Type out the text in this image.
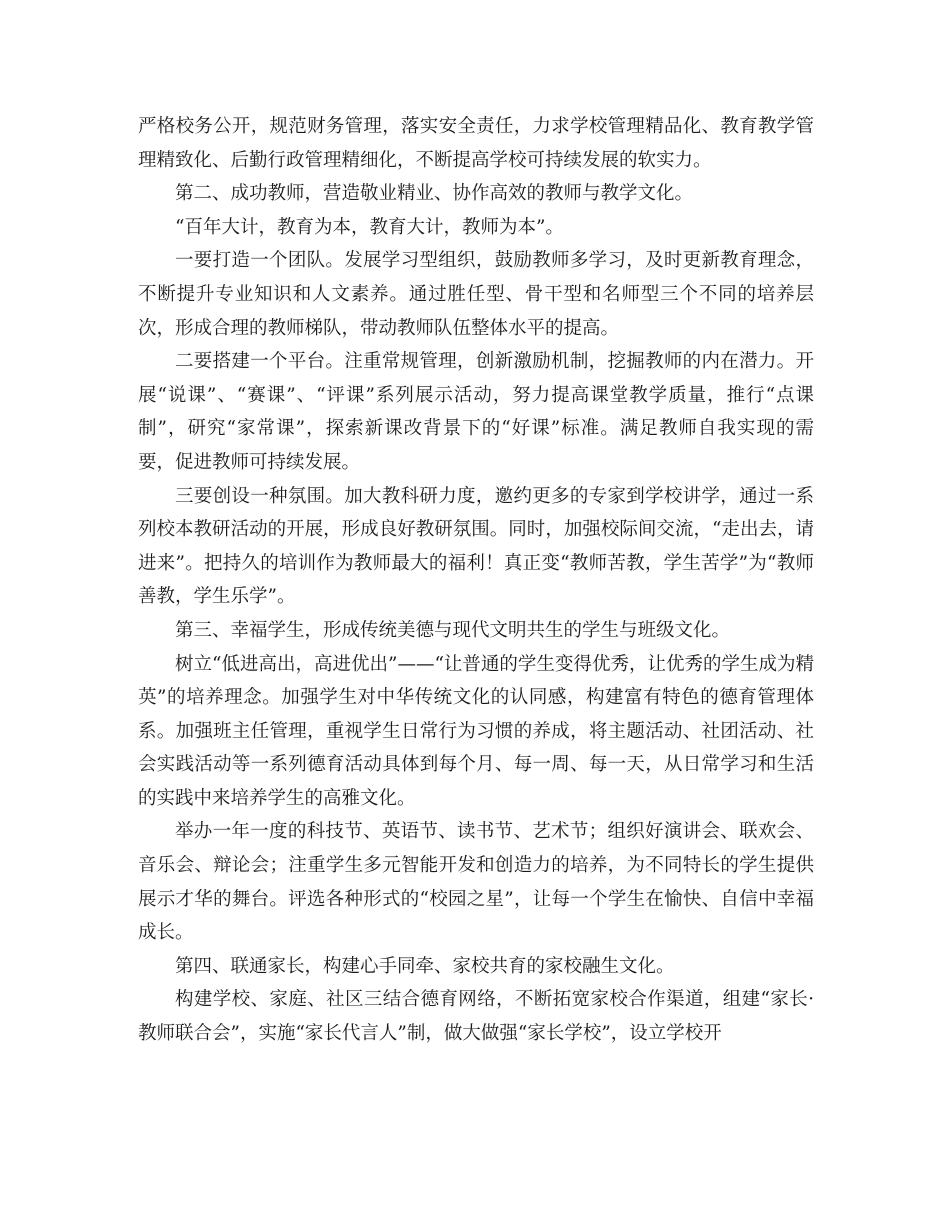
严格校务公开，规范财务管理，落实安全责任，力求学校管理精品化、教育教学管理精致化、后勤行政管理精细化，不断提高学校可持续发展的软实力。

第二、成功教师，营造敬业精业、协作高效的教师与教学文化。

“百年大计，教育为本，教育大计，教师为本”。

一要打造一个团队。发展学习型组织，鼓励教师多学习，及时更新教育理念，不断提升专业知识和人文素养。通过胜任型、骨干型和名师型三个不同的培养层次，形成合理的教师梯队，带动教师队伍整体水平的提高。

二要搭建一个平台。注重常规管理，创新激励机制，挖掘教师的内在潜力。开展“说课”、“赛课”、“评课”系列展示活动，努力提高课堂教学质量，推行“点课制”，研究“家常课”，探索新课改背景下的“好课”标准。满足教师自我实现的需要，促进教师可持续发展。

三要创设一种氛围。加大教科研力度，邀约更多的专家到学校讲学，通过一系列校本教研活动的开展，形成良好教研氛围。同时，加强校际间交流，“走出去，请进来”。把持久的培训作为教师最大的福利！真正变“教师苦教，学生苦学”为“教师善教，学生乐学”。

第三、幸福学生，形成传统美德与现代文明共生的学生与班级文化。

树立“低进高出，高进优出”——“让普通的学生变得优秀，让优秀的学生成为精英”的培养理念。加强学生对中华传统文化的认同感，构建富有特色的德育管理体系。加强班主任管理，重视学生日常行为习惯的养成，将主题活动、社团活动、社会实践活动等一系列德育活动具体到每个月、每一周、每一天，从日常学习和生活的实践中来培养学生的高雅文化。

举办一年一度的科技节、英语节、读书节、艺术节；组织好演讲会、联欢会、音乐会、辩论会；注重学生多元智能开发和创造力的培养，为不同特长的学生提供展示才华的舞台。评选各种形式的“校园之星”，让每一个学生在愉快、自信中幸福成长。

第四、联通家长，构建心手同牵、家校共育的家校融生文化。

构建学校、家庭、社区三结合德育网络，不断拓宽家校合作渠道，组建“家长·教师联合会”，实施“家长代言人”制，做大做强“家长学校”，设立学校开
